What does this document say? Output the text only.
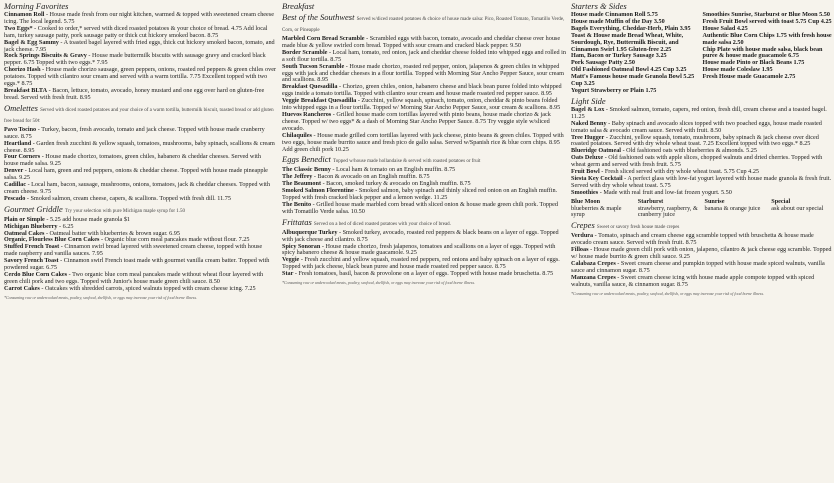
Morning Favorites
Cinnamon Roll - House made fresh from our night kitchen, warmed & topped with sweetened cream cheese icing. The local legend. 5.75
Two Eggs* - Cooked to order,* served with diced roasted potatoes & your choice of bread. 4.75 Add local ham, turkey sausage patty, pork sausage patty or thick cut hickory smoked bacon. 8.75
Bagel & Egg Sammy - A toasted bagel layered with fried eggs, thick cut hickory smoked bacon, tomato, and jack cheese. 7.95
Rock Springs Biscuits & Gravy - House made buttermilk biscuits with sausage gravy and cracked black pepper. 6.75 Topped with two eggs.* 7.95
Chorizo Hash - House made chorizo sausage, green peppers, onions, roasted red peppers & green chiles over potatoes. Topped with cilantro sour cream and served with a warm tortilla. 7.75 Excellent topped with two eggs.* 8.75
Breakfast BLTA - Bacon, lettuce, tomato, avocado, honey mustard and one egg over hard on gluten-free bread. Served with fresh fruit. 8.95
Omelettes Served with diced roasted potatoes and your choice of a warm tortilla, buttermilk biscuit, toasted bread or add gluten free bread for 50¢
Pavo Tocino - Turkey, bacon, fresh avocado, tomato and jack cheese. Topped with house made cranberry sauce. 8.75
Heartland - Garden fresh zucchini & yellow squash, tomatoes, mushrooms, baby spinach, scallions & cream cheese. 8.95
Four Corners - House made chorizo, tomatoes, green chiles, habanero & cheddar cheeses. Served with house made salsa. 9.25
Denver - Local ham, green and red peppers, onions & cheddar cheese. Topped with house made pineapple salsa. 9.25
Cadillac - Local ham, bacon, sausage, mushrooms, onions, tomatoes, jack & cheddar cheeses. Topped with cream cheese. 9.75
Pescado - Smoked salmon, cream cheese, capers, & scallions. Topped with fresh dill. 11.75
Gourmet Griddle Try your selection with pure Michigan maple syrup for 1.50
Plain or Simple - 5.25 add house made granola $1
Michigan Blueberry - 6.25
Oatmeal Cakes - Oatmeal batter with blueberries & brown sugar. 6.95
Organic, Flourless Blue Corn Cakes - Organic blue corn meal pancakes made without flour. 7.25
Stuffed French Toast - Cinnamon swirl bread layered with sweetened cream cheese, topped with house made raspberry and vanilla sauces. 7.95
Savory French Toast - Cinnamon swirl French toast made with gourmet vanilla cream batter. Topped with powdered sugar. 6.75
Cerdo Blue Corn Cakes - Two organic blue corn meal pancakes made without wheat flour layered with green chili pork and two eggs. Topped with Junior's house made green chili sauce. 8.50
Carrot Cakes - Oatcakes with shredded carrots, spiced walnuts topped with cream cheese icing. 7.25
*Consuming raw or undercooked meats, poultry, seafood, shellfish, or eggs may increase your risk of food borne illness.
Breakfast
Best of the Southwest Served w/diced roasted potatoes & choice of house made salsa: Pico, Roasted Tomato, Tomatillo Verde, Corn, or Pineapple
Marbled Corn Bread Scramble - Scrambled eggs with bacon, tomato, avocado and cheddar cheese over house made blue & yellow swirled corn bread. Topped with sour cream and cracked black pepper. 9.50
Border Scramble - Local ham, tomato, red onion, jack and cheddar cheese folded into whipped eggs and rolled in a soft flour tortilla. 8.75
South Tucson Scramble - House made chorizo, roasted red pepper, onion, jalapenos & green chiles in whipped eggs with jack and cheddar cheeses in a flour tortilla. Topped with Morning Star Ancho Pepper Sauce, sour cream and scallions. 8.95
Breakfast Quesadilla - Chorizo, green chiles, onion, habanero cheese and black bean puree folded into whipped eggs inside a tomato tortilla. Topped with cilantro sour cream and house made roasted red pepper sauce. 8.95
Veggie Breakfast Quesadilla - Zucchini, yellow squash, spinach, tomato, onion, cheddar & pinto beans folded into whipped eggs in a flour tortilla. Topped w/ Morning Star Ancho Pepper Sauce, sour cream & scallions. 8.95
Huevos Rancheros - Grilled house made corn tortillas layered with pinto beans, house made chorizo & jack cheese. Topped w/ two eggs* & a dash of Morning Star Ancho Pepper Sauce. 8.75 Try veggie style w/sliced avocado.
Chilaquiles - House made grilled corn tortillas layered with jack cheese, pinto beans & green chiles. Topped with two eggs, house made burrito sauce and fresh pico de gallo salsa. Served w/Spanish rice & blue corn chips. 8.95 Add green chili pork 10.25
Eggs Benedict Topped w/house made hollandaise & served with roasted potatoes or fruit
The Classic Benny - Local ham & tomato on an English muffin. 8.75
The Jeffrey - Bacon & avocado on an English muffin. 8.75
The Beaumont - Bacon, smoked turkey & avocado on English muffin. 8.75
Smoked Salmon Florentine - Smoked salmon, baby spinach and thinly sliced red onion on an English muffin. Topped with fresh cracked black pepper and a lemon wedge. 11.25
The Benito - Grilled house made marbled corn bread with sliced onion & house made green chili pork. Topped with Tomatillo Verde salsa. 10.50
Frittatas Served on a bed of diced roasted potatoes with your choice of bread.
Albuquerque Turkey - Smoked turkey, avocado, roasted red peppers & black beans on a layer of eggs. Topped with jack cheese and cilantro. 8.75
Spicy Sonoran - House made chorizo, fresh jalapenos, tomatoes and scallions on a layer of eggs. Topped with spicy habanero cheese & house made guacamole. 9.25
Veggie - Fresh zucchini and yellow squash, roasted red peppers, red onions and baby spinach on a layer of eggs. Topped with jack cheese, black bean puree and house made roasted red pepper sauce. 8.75
Star - Fresh tomatoes, basil, bacon & provolone on a layer of eggs. Topped with house made bruschetta. 8.75
*Consuming raw or undercooked meats, poultry, seafood, shellfish, or eggs may increase your risk of food borne illness.
Starters & Sides
House made Cinnamon Roll 5.75
House made Muffin of the Day 3.50
Bagels Everything, Cheddar-Herb, Plain 3.95
Toast & House made Bread Wheat, White, Sourdough, Rye, Buttermilk Biscuit, and Cinnamon Swirl 1.95 Gluten-free 2.25
Ham, Bacon or Turkey Sausage 3.25
Pork Sausage Patty 2.50
Old Fashioned Oatmeal Bowl 4.25 Cup 3.25
Matt's Famous house made Granola Bowl 5.25 Cup 3.25
Yogurt Strawberry or Plain 1.75
Smoothies Sunrise, Starburst or Blue Moon 5.50
Fresh Fruit Bowl served with toast 5.75 Cup 4.25
House Salad 4.25
Authentic Blue Corn Chips 1.75 with fresh house made salsa 2.50
Chip Plate with house made salsa, black bean puree & house made guacamole 6.75
House made Pinto or Black Beans 1.75
House made Coleslaw 1.95
Fresh House made Guacamole 2.75
Light Side
Bagel & Lox - Smoked salmon, tomato, capers, red onion, fresh dill, cream cheese and a toasted bagel. 11.25
Naked Benny - Baby spinach and avocado slices topped with two poached eggs, house made roasted tomato salsa & avocado cream sauce. Served with fruit. 8.50
Tree Hugger - Zucchini, yellow squash, tomato, mushroom, baby spinach & jack cheese over diced roasted potatoes. Served with dry whole wheat toast. 7.25 Excellent topped with two eggs.* 8.25
Blueridge Oatmeal - Old fashioned oats with blueberries & almonds. 5.25
Oats Deluxe - Old fashioned oats with apple slices, chopped walnuts and dried cherries. Topped with wheat germ and served with fresh fruit. 5.75
Fruit Bowl - Fresh sliced served with dry whole wheat toast. 5.75 Cup 4.25
Siesta Key Cocktail - A perfect glass with low-fat yogurt layered with house made granola & fresh fruit. Served with dry whole wheat toast. 5.75
Smoothies - Made with real fruit and low-fat frozen yogurt. 5.50
Blue Moon
blueberries & maple syrup
Starburst
strawberry, raspberry, & cranberry juice
Sunrise
banana & orange juice
Special
ask about our special
Crepes Sweet or savory fresh house made crepes
Verdura - Tomato, spinach and cream cheese egg scramble topped with bruschetta & house made avocado cream sauce. Served with fresh fruit. 8.75
Filloas - House made green chili pork with onion, jalapeno, cilantro & jack cheese egg scramble. Topped w/ house made burrito & green chili sauce. 9.25
Calabaza Crepes - Sweet cream cheese and pumpkin topped with house made spiced walnuts, vanilla sauce and cinnamon sugar. 8.75
Manzana Crepes - Sweet cream cheese icing with house made apple compote topped with spiced walnuts, vanilla sauce, & cinnamon sugar. 8.75
*Consuming raw or undercooked meats, poultry, seafood, shellfish, or eggs may increase your risk of food borne illness.
